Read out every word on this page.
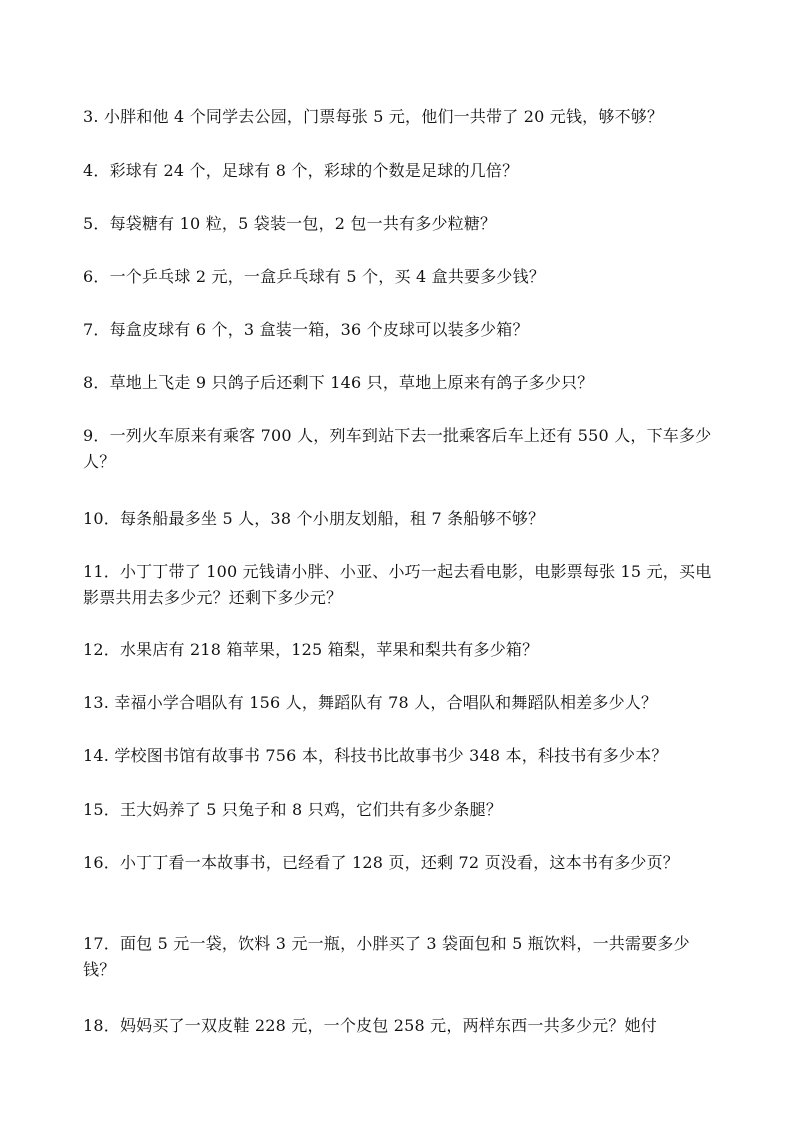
3. 小胖和他 4 个同学去公园，门票每张 5 元，他们一共带了 20 元钱，够不够？

4．彩球有 24 个，足球有 8 个，彩球的个数是足球的几倍？

5．每袋糖有 10 粒，5 袋装一包，2 包一共有多少粒糖？

6．一个乒乓球 2 元，一盒乒乓球有 5 个，买 4 盒共要多少钱？

7．每盒皮球有 6 个，3 盒装一箱，36 个皮球可以装多少箱？

8．草地上飞走 9 只鸽子后还剩下 146 只，草地上原来有鸽子多少只？

9．一列火车原来有乘客 700 人，列车到站下去一批乘客后车上还有 550 人，下车多少人？

10．每条船最多坐 5 人，38 个小朋友划船，租 7 条船够不够？

11．小丁丁带了 100 元钱请小胖、小亚、小巧一起去看电影，电影票每张 15 元，买电影票共用去多少元？还剩下多少元？

12．水果店有 218 箱苹果，125 箱梨，苹果和梨共有多少箱？

13. 幸福小学合唱队有 156 人，舞蹈队有 78 人，合唱队和舞蹈队相差多少人？

14. 学校图书馆有故事书 756 本，科技书比故事书少 348 本，科技书有多少本？

15．王大妈养了 5 只兔子和 8 只鸡，它们共有多少条腿？

16．小丁丁看一本故事书，已经看了 128 页，还剩 72 页没看，这本书有多少页？

17．面包 5 元一袋，饮料 3 元一瓶，小胖买了 3 袋面包和 5 瓶饮料，一共需要多少钱？

18．妈妈买了一双皮鞋 228 元，一个皮包 258 元，两样东西一共多少元？她付
